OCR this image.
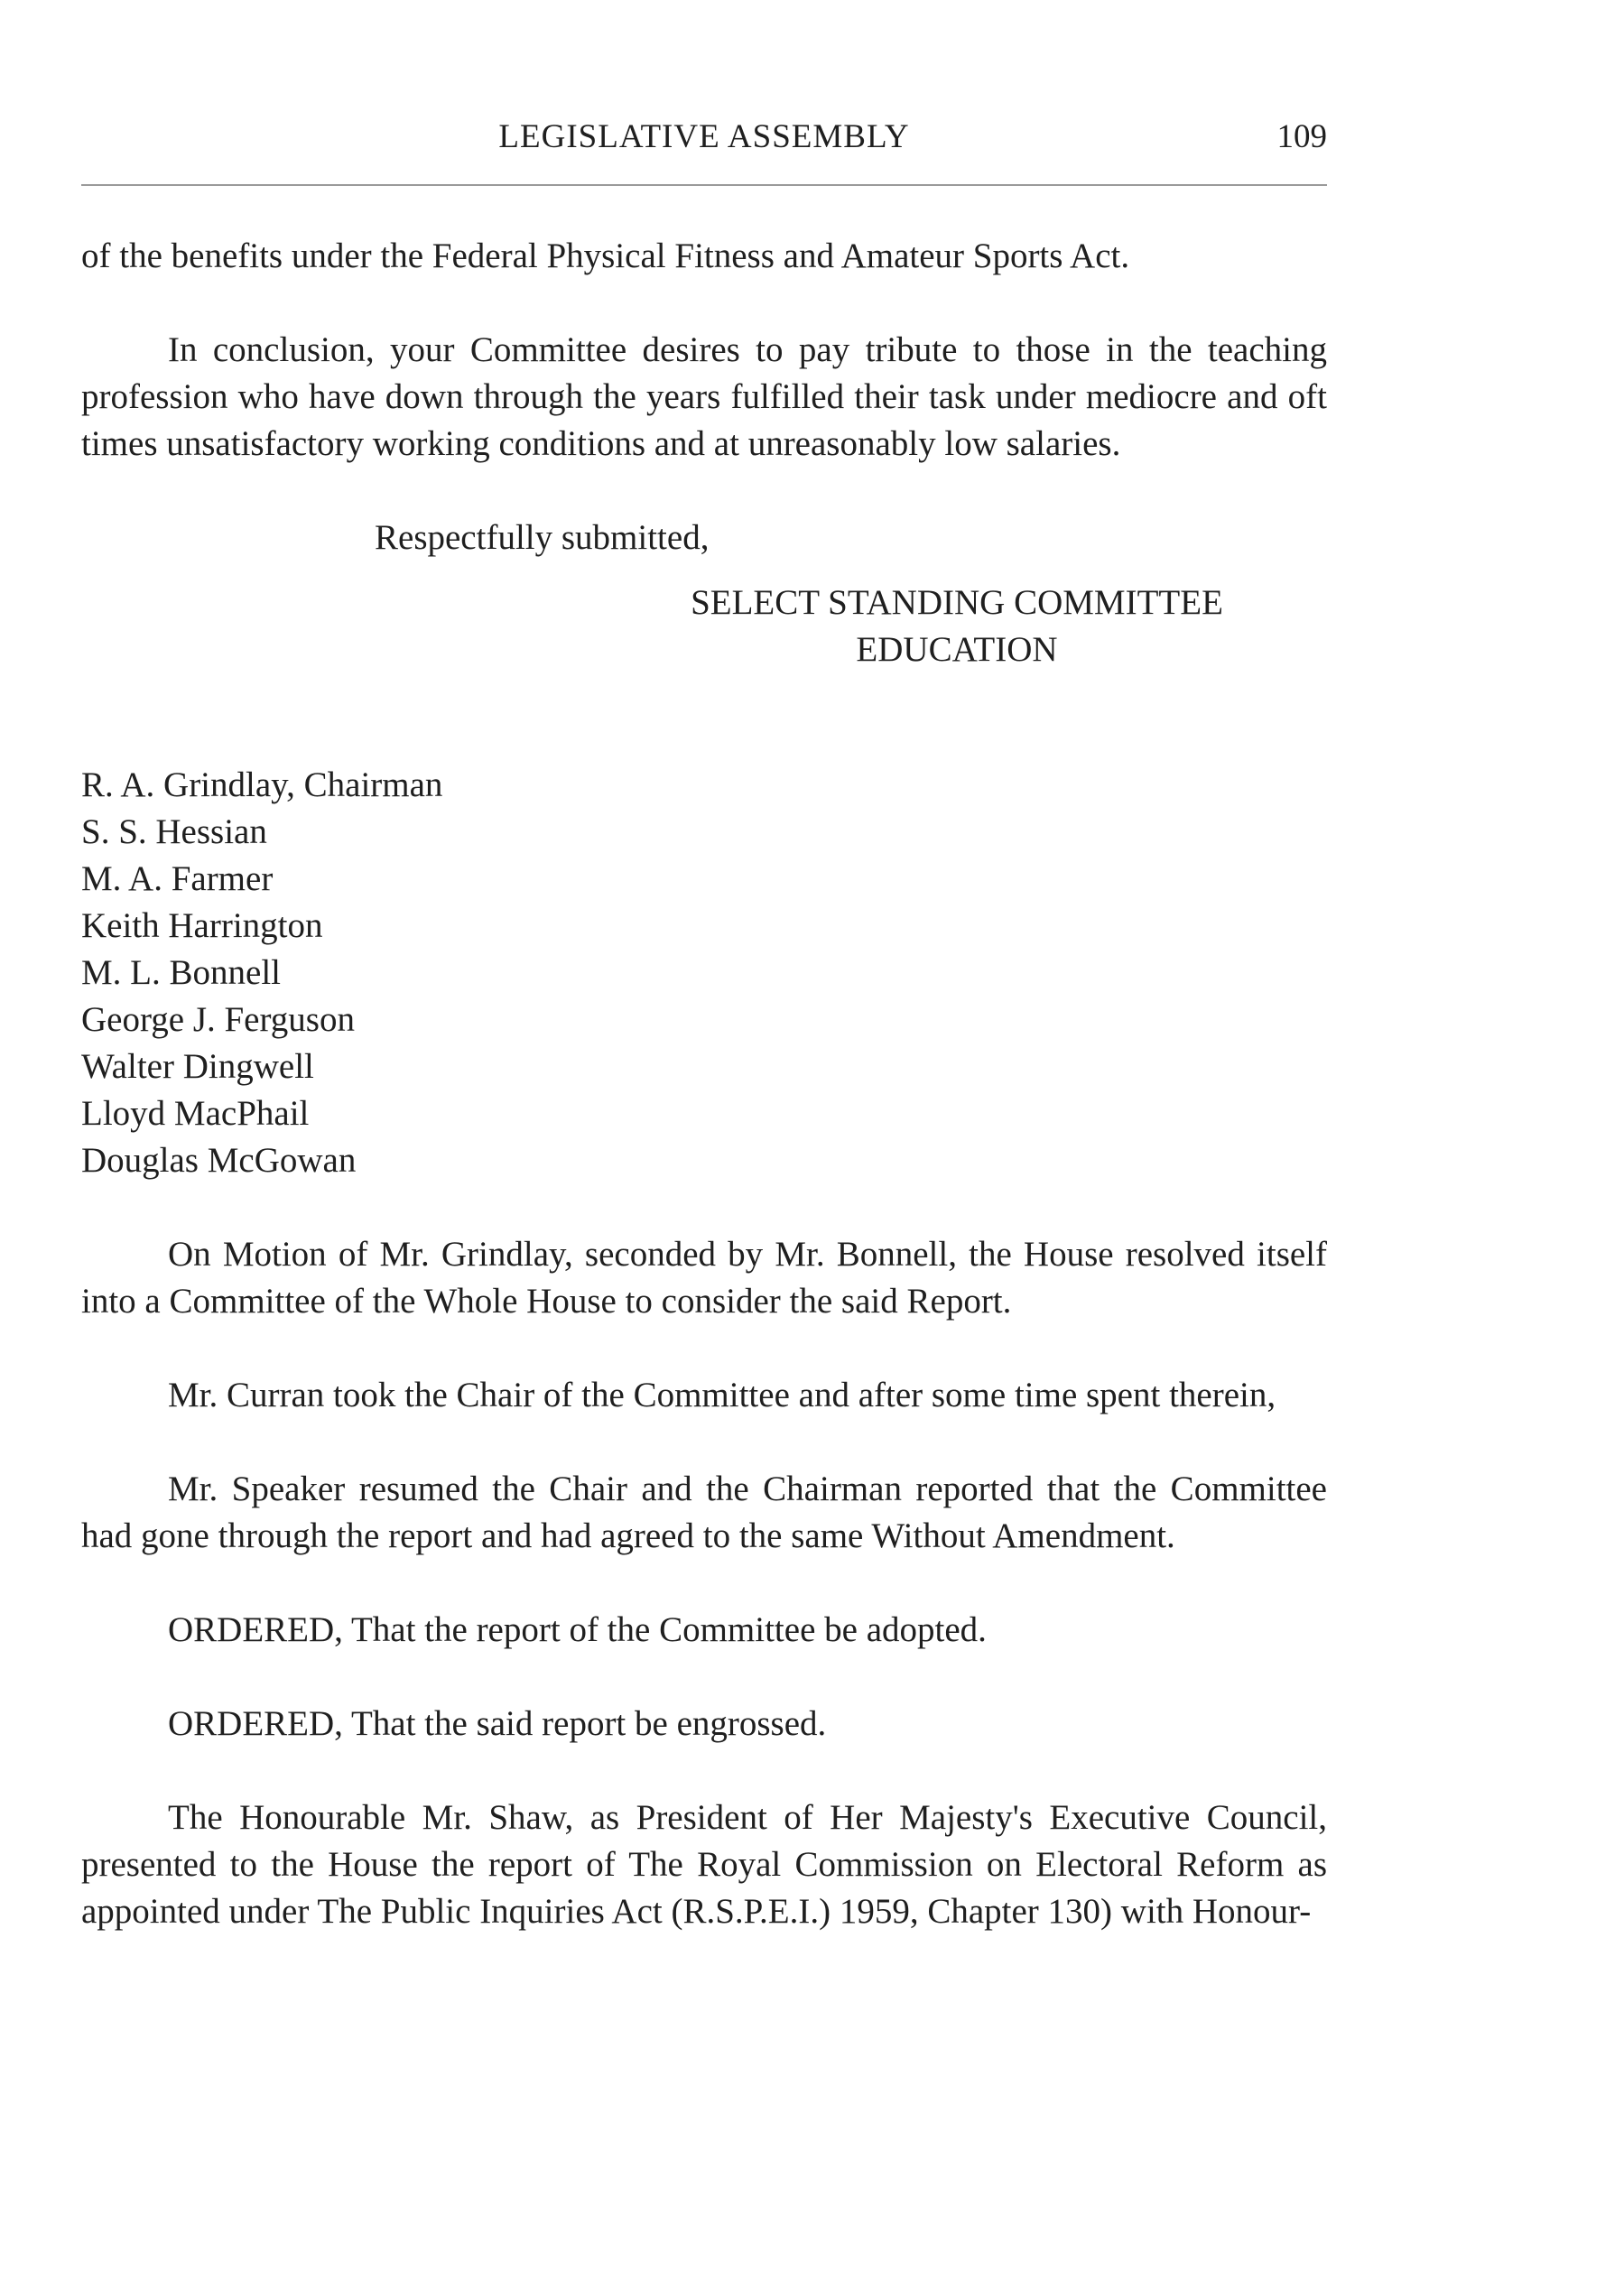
LEGISLATIVE ASSEMBLY	109

of the benefits under the Federal Physical Fitness and Amateur Sports Act.

In conclusion, your Committee desires to pay tribute to those in the teaching profession who have down through the years fulfilled their task under mediocre and oft times unsatisfactory working conditions and at unreasonably low salaries.

Respectfully submitted,

SELECT STANDING COMMITTEE

EDUCATION

R. A. Grindlay, Chairman
S. S. Hessian
M. A. Farmer
Keith Harrington
M. L. Bonnell
George J. Ferguson
Walter Dingwell
Lloyd MacPhail
Douglas McGowan

On Motion of Mr. Grindlay, seconded by Mr. Bonnell, the House resolved itself into a Committee of the Whole House to consider the said Report.

Mr. Curran took the Chair of the Committee and after some time spent therein,

Mr. Speaker resumed the Chair and the Chairman reported that the Committee had gone through the report and had agreed to the same Without Amendment.

ORDERED, That the report of the Committee be adopted.

ORDERED, That the said report be engrossed.

The Honourable Mr. Shaw, as President of Her Majesty's Executive Council, presented to the House the report of The Royal Commission on Electoral Reform as appointed under The Public Inquiries Act (R.S.P.E.I.) 1959, Chapter 130) with Honour-
